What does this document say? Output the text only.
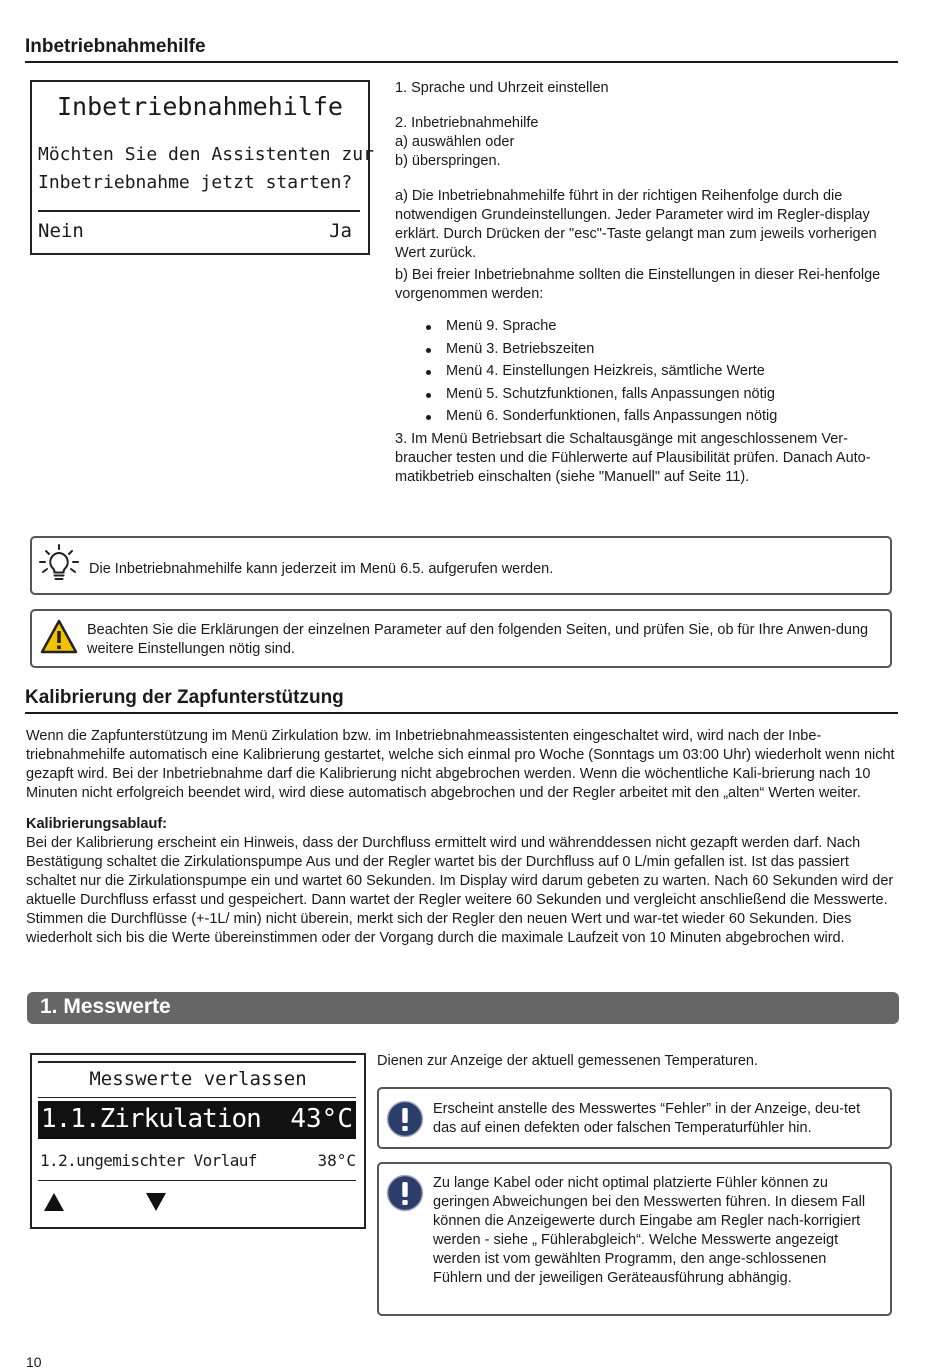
Inbetriebnahmehilfe
Inbetriebnahmehilfe
Möchten Sie den Assistenten zur
Inbetriebnahme jetzt starten?
Nein	Ja

1. Sprache und Uhrzeit einstellen

2. Inbetriebnahmehilfe

a) auswählen oder

b) überspringen.

a) Die Inbetriebnahmehilfe führt in der richtigen Reihenfolge durch die notwendigen Grundeinstellungen. Jeder Parameter wird im Regler-display erklärt. Durch Drücken der "esc"-Taste gelangt man zum jeweils vorherigen Wert zurück.

b) Bei freier Inbetriebnahme sollten die Einstellungen in dieser Rei-henfolge vorgenommen werden:

Menü 9. Sprache
Menü 3. Betriebszeiten
Menü 4. Einstellungen Heizkreis, sämtliche Werte
Menü 5. Schutzfunktionen, falls Anpassungen nötig
Menü 6. Sonderfunktionen, falls Anpassungen nötig

3. Im Menü Betriebsart die Schaltausgänge mit angeschlossenem Ver-braucher testen und die Fühlerwerte auf Plausibilität prüfen. Danach Auto-matikbetrieb einschalten (siehe "Manuell" auf Seite 11).

Die Inbetriebnahmehilfe kann jederzeit im Menü 6.5. aufgerufen werden.
Beachten Sie die Erklärungen der einzelnen Parameter auf den folgenden Seiten, und prüfen Sie, ob für Ihre Anwen-dung weitere Einstellungen nötig sind.
Kalibrierung der Zapfunterstützung

Wenn die Zapfunterstützung im Menü Zirkulation bzw. im Inbetriebnahmeassistenten eingeschaltet wird, wird nach der Inbe-triebnahmehilfe automatisch eine Kalibrierung gestartet, welche sich einmal pro Woche (Sonntags um 03:00 Uhr) wiederholt wenn nicht gezapft wird. Bei der Inbetriebnahme darf die Kalibrierung nicht abgebrochen werden. Wenn die wöchentliche Kali-brierung nach 10 Minuten nicht erfolgreich beendet wird, wird diese automatisch abgebrochen und der Regler arbeitet mit den „alten“ Werten weiter.

Kalibrierungsablauf:

Bei der Kalibrierung erscheint ein Hinweis, dass der Durchfluss ermittelt wird und währenddessen nicht gezapft werden darf. Nach Bestätigung schaltet die Zirkulationspumpe Aus und der Regler wartet bis der Durchfluss auf 0 L/min gefallen ist. Ist das passiert schaltet nur die Zirkulationspumpe ein und wartet 60 Sekunden. Im Display wird darum gebeten zu warten. Nach 60 Sekunden wird der aktuelle Durchfluss erfasst und gespeichert. Dann wartet der Regler weitere 60 Sekunden und vergleicht anschließend die Messwerte. Stimmen die Durchflüsse (+-1L/ min) nicht überein, merkt sich der Regler den neuen Wert und war-tet wieder 60 Sekunden. Dies wiederholt sich bis die Werte übereinstimmen oder der Vorgang durch die maximale Laufzeit von 10 Minuten abgebrochen wird.

1. Messwerte
Messwerte verlassen
1.1.Zirkulation 43°C
1.2.ungemischter Vorlauf	38°C
Dienen zur Anzeige der aktuell gemessenen Temperaturen.
Erscheint anstelle des Messwertes “Fehler” in der Anzeige, deu-tet das auf einen defekten oder falschen Temperaturfühler hin.
Zu lange Kabel oder nicht optimal platzierte Fühler können zu geringen Abweichungen bei den Messwerten führen. In diesem Fall können die Anzeigewerte durch Eingabe am Regler nach-korrigiert werden - siehe „ Fühlerabgleich“. Welche Messwerte angezeigt werden ist vom gewählten Programm, den ange-schlossenen Fühlern und der jeweiligen Geräteausführung abhängig.
10
